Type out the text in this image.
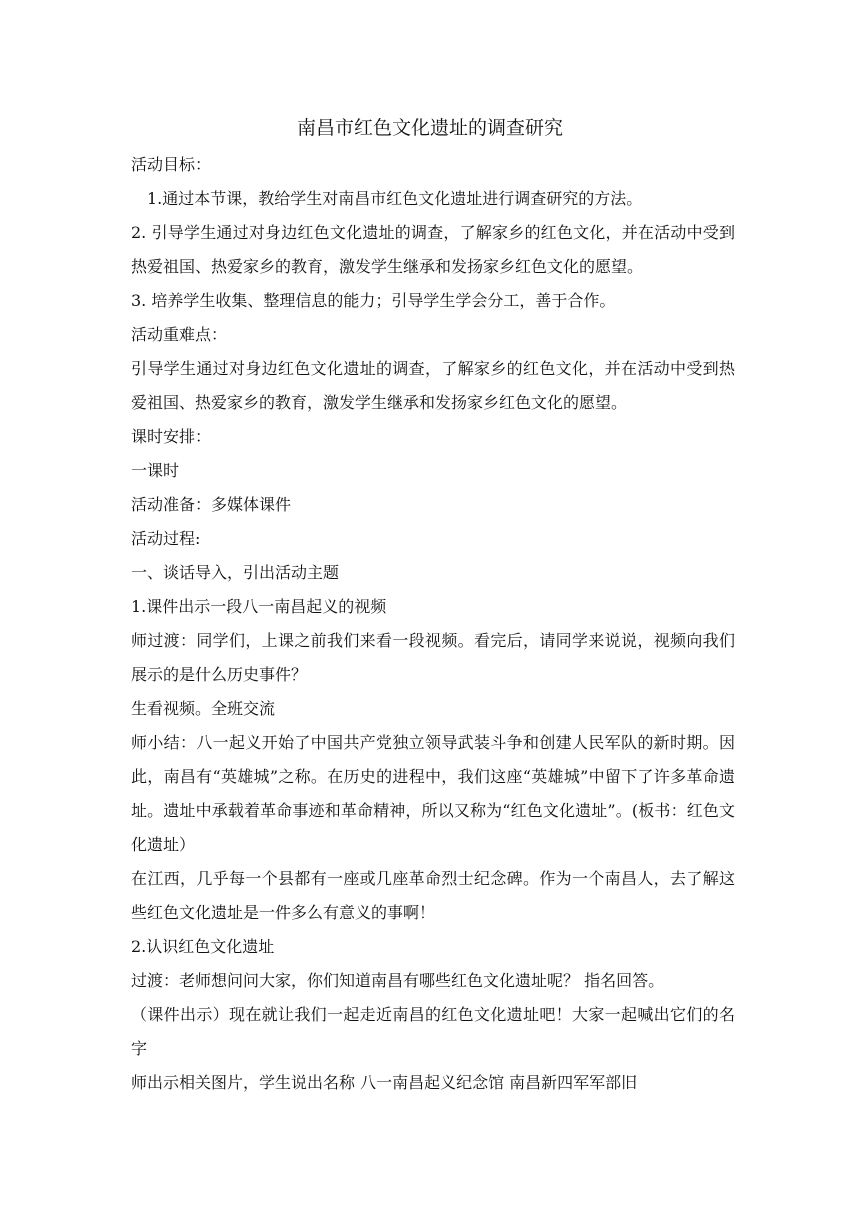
南昌市红色文化遗址的调查研究

活动目标：

1.通过本节课，教给学生对南昌市红色文化遗址进行调查研究的方法。

2. 引导学生通过对身边红色文化遗址的调查，了解家乡的红色文化，并在活动中受到热爱祖国、热爱家乡的教育，激发学生继承和发扬家乡红色文化的愿望。

3. 培养学生收集、整理信息的能力；引导学生学会分工，善于合作。

活动重难点：

引导学生通过对身边红色文化遗址的调查，了解家乡的红色文化，并在活动中受到热爱祖国、热爱家乡的教育，激发学生继承和发扬家乡红色文化的愿望。

课时安排：

一课时

活动准备：多媒体课件

活动过程:

一、谈话导入，引出活动主题

1.课件出示一段八一南昌起义的视频

师过渡：同学们，上课之前我们来看一段视频。看完后，请同学来说说，视频向我们展示的是什么历史事件？

生看视频。全班交流

师小结：八一起义开始了中国共产党独立领导武装斗争和创建人民军队的新时期。因此，南昌有“英雄城”之称。在历史的进程中，我们这座“英雄城”中留下了许多革命遗址。遗址中承载着革命事迹和革命精神，所以又称为“红色文化遗址”。(板书：红色文化遗址）

在江西，几乎每一个县都有一座或几座革命烈士纪念碑。作为一个南昌人，去了解这些红色文化遗址是一件多么有意义的事啊！

2.认识红色文化遗址

过渡：老师想问问大家，你们知道南昌有哪些红色文化遗址呢？ 指名回答。

（课件出示）现在就让我们一起走近南昌的红色文化遗址吧！大家一起喊出它们的名字

师出示相关图片，学生说出名称 八一南昌起义纪念馆 南昌新四军军部旧
